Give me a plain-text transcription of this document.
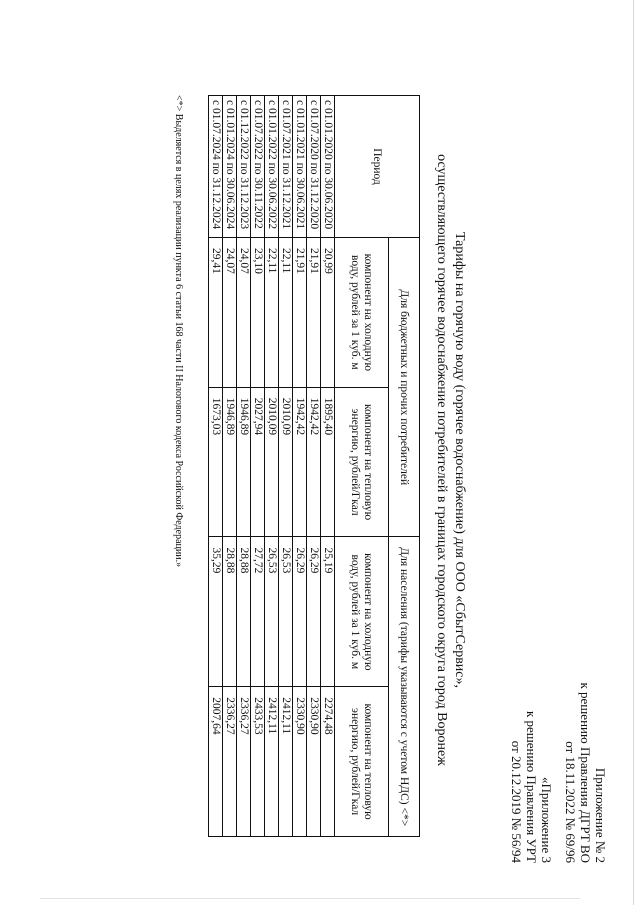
Приложение № 2
к решению Правления ДГРТ ВО
от 18.11.2022 № 69/96
«Приложение 3
к решению Правления УРТ
от 20.12.2019 № 56/94
Тарифы на горячую воду (горячее водоснабжение) для ООО «СбытСервис»,
осуществляющего горячее водоснабжение потребителей в границах городского округа город Воронеж
Период	Для бюджетных и прочих потребителей		Для населения (тарифы указываются с учетом НДС) <*>	
	компонент на холодную воду, рублей за 1 куб. м	компонент на тепловую энергию, рублей/Гкал	компонент на холодную воду, рублей за 1 куб. м	компонент на тепловую энергию, рублей/Гкал
с 01.01.2020 по 30.06.2020	20,99	1895,40	25,19	2274,48
с 01.07.2020 по 31.12.2020	21,91	1942,42	26,29	2330,90
с 01.01.2021 по 30.06.2021	21,91	1942,42	26,29	2330,90
с 01.07.2021 по 31.12.2021	22,11	2010,09	26,53	2412,11
с 01.01.2022 по 30.06.2022	22,11	2010,09	26,53	2412,11
с 01.07.2022 по 30.11.2022	23,10	2027,94	27,72	2433,53
с 01.12.2022 по 31.12.2023	24,07	1946,89	28,88	2336,27
с 01.01.2024 по 30.06.2024	24,07	1946,89	28,88	2336,27
с 01.07.2024 по 31.12.2024	29,41	1673,03	35,29	2007,64
<*> Выделяется в целях реализации пункта 6 статьи 168 части II Налогового кодекса Российской Федерации.»
